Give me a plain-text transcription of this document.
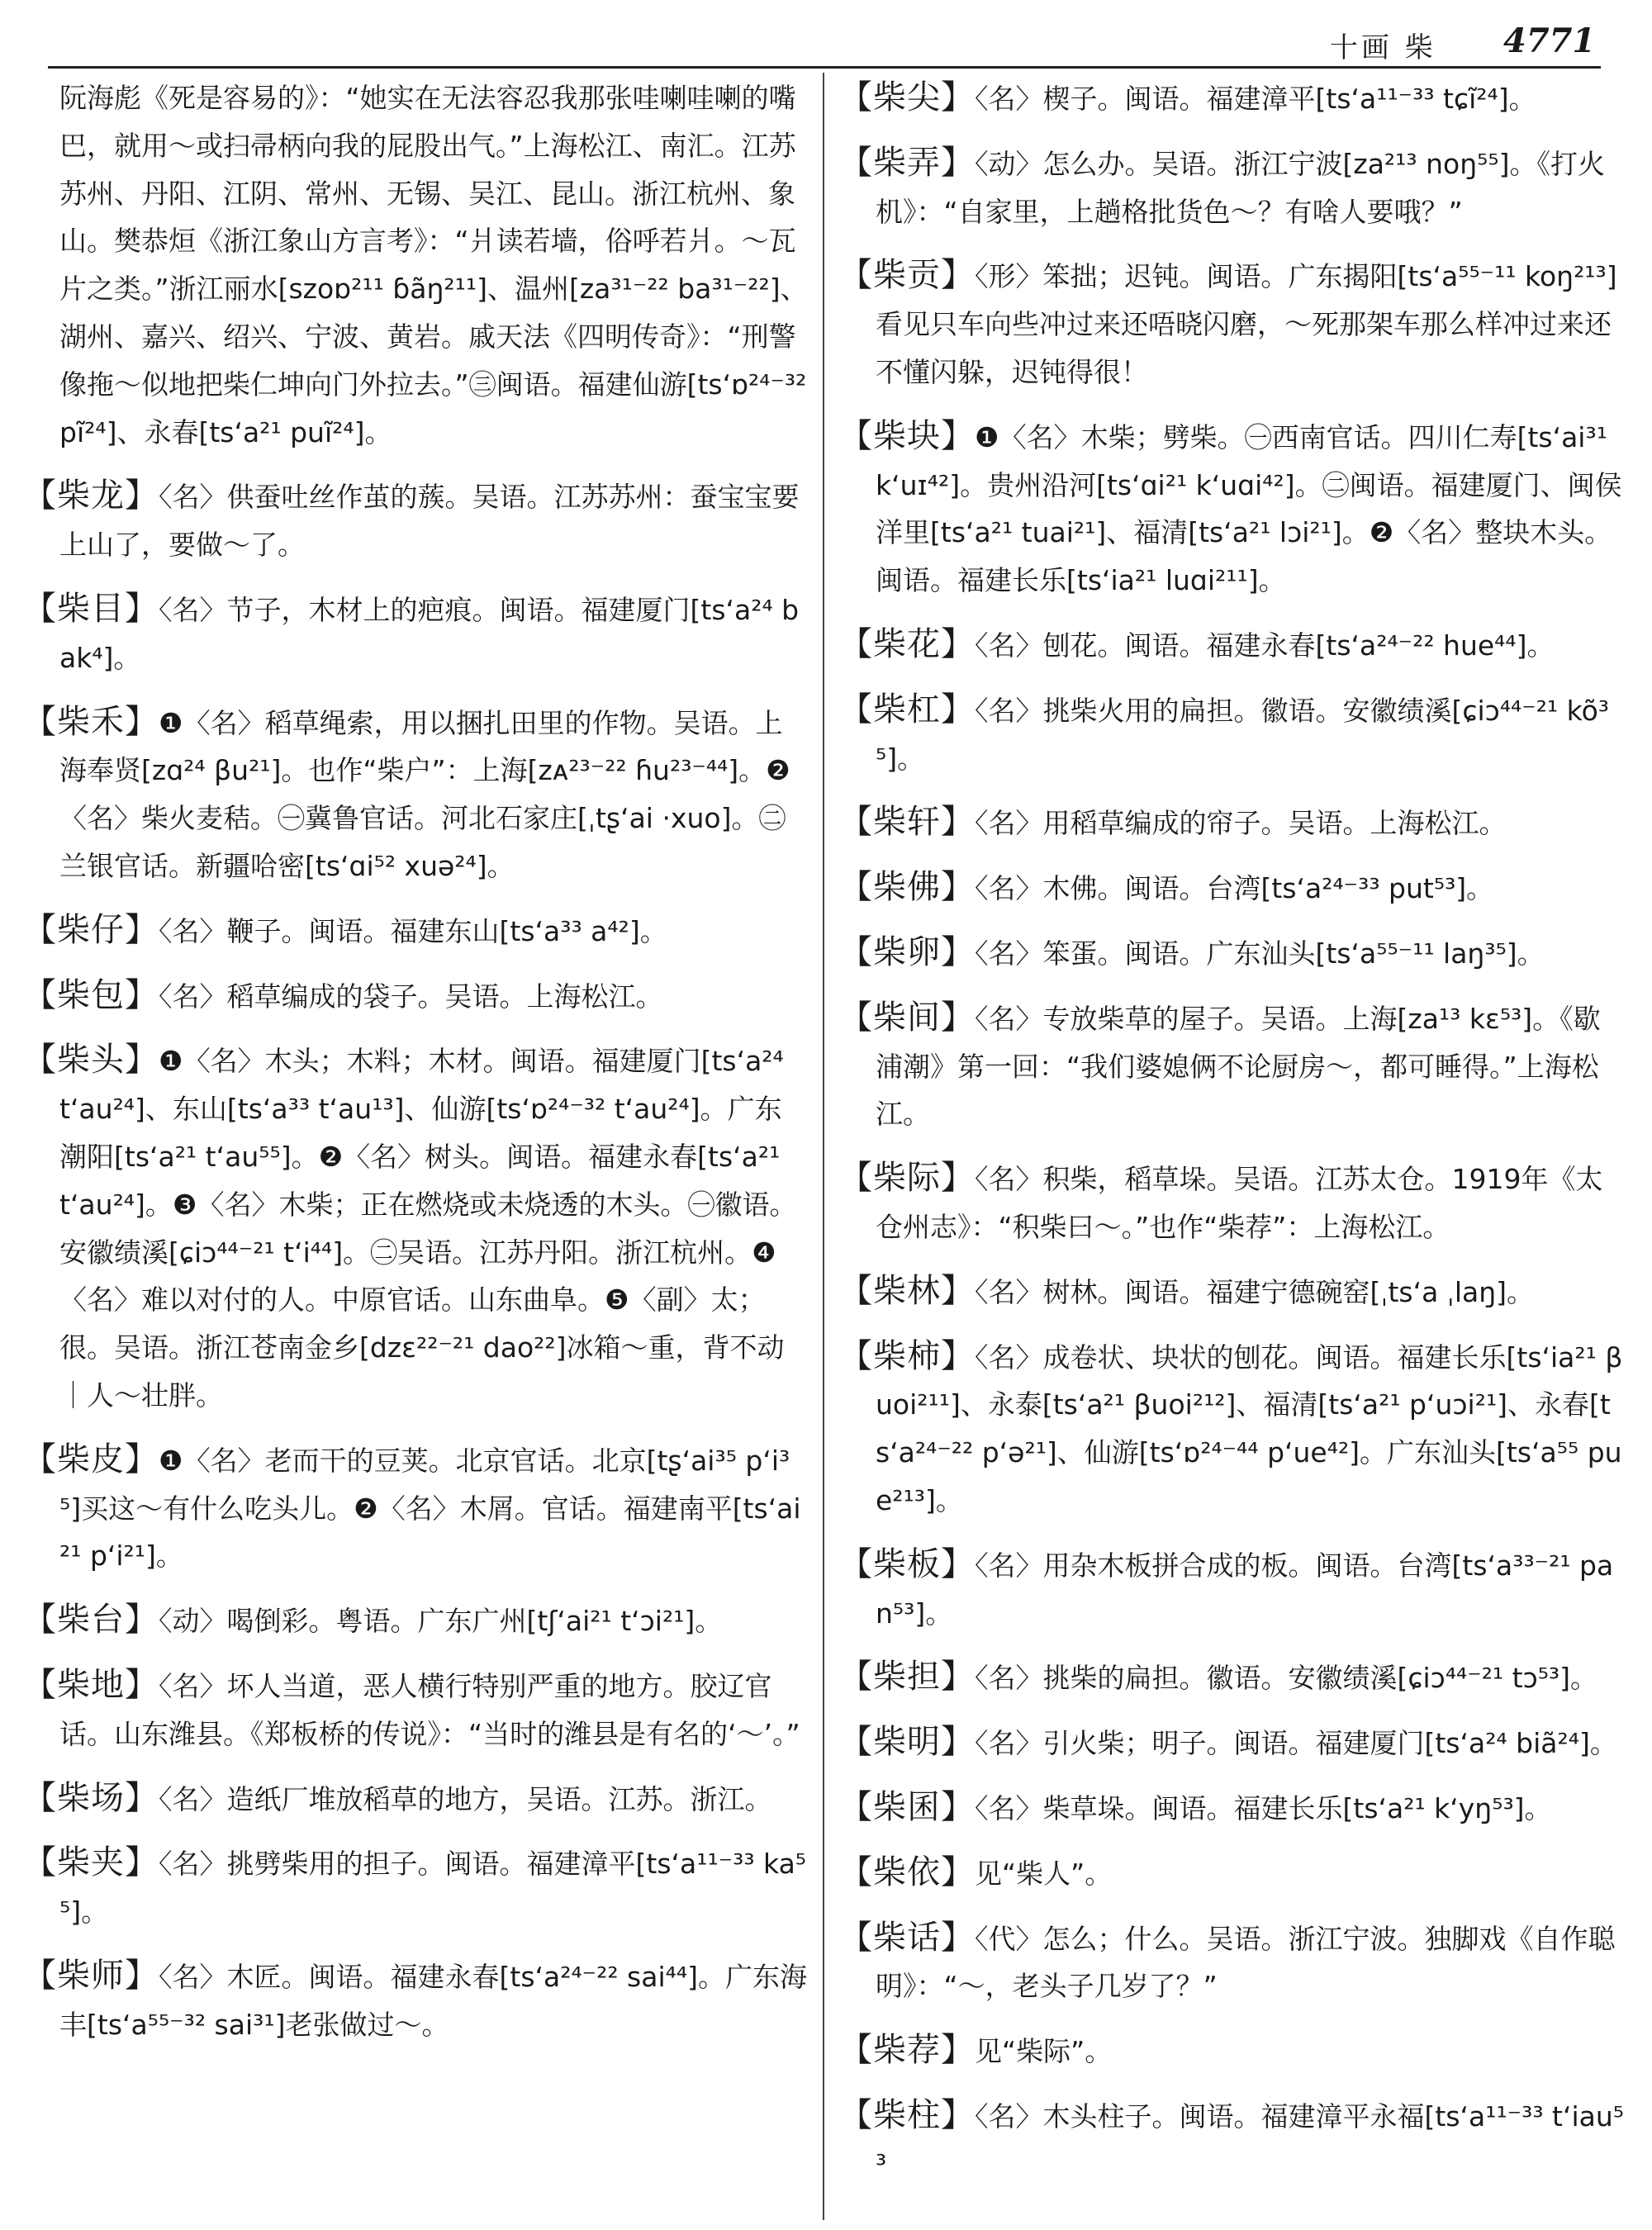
十画 柴 4771

阮海彪《死是容易的》：“她实在无法容忍我那张哇喇哇喇的嘴巴，就用～或扫帚柄向我的屁股出气。”上海松江、南汇。江苏苏州、丹阳、江阴、常州、无锡、吴江、昆山。浙江杭州、象山。樊恭烜《浙江象山方言考》：“爿读若墙，俗呼若爿。～瓦片之类。”浙江丽水[szoɒ²¹¹ ɓãŋ²¹¹]、温州[za³¹⁻²² ba³¹⁻²²]、湖州、嘉兴、绍兴、宁波、黄岩。戚天法《四明传奇》：“刑警像拖～似地把柴仁坤向门外拉去。”㊂闽语。福建仙游[ts‘ɒ²⁴⁻³² pĩ²⁴]、永春[ts‘a²¹ puĩ²⁴]。

【柴龙】〈名〉供蚕吐丝作茧的蔟。吴语。江苏苏州：蚕宝宝要上山了，要做～了。

【柴目】〈名〉节子，木材上的疤痕。闽语。福建厦门[ts‘a²⁴ bak⁴]。

【柴禾】❶〈名〉稻草绳索，用以捆扎田里的作物。吴语。上海奉贤[zɑ²⁴ βu²¹]。也作“柴户”：上海[zᴀ²³⁻²² ɦu²³⁻⁴⁴]。❷〈名〉柴火麦秸。㊀冀鲁官话。河北石家庄[ˌtʂ‘ai ·xuo]。㊁兰银官话。新疆哈密[ts‘ɑi⁵² xuə²⁴]。

【柴仔】〈名〉鞭子。闽语。福建东山[ts‘a³³ a⁴²]。

【柴包】〈名〉稻草编成的袋子。吴语。上海松江。

【柴头】❶〈名〉木头；木料；木材。闽语。福建厦门[ts‘a²⁴ t‘au²⁴]、东山[ts‘a³³ t‘au¹³]、仙游[ts‘ɒ²⁴⁻³² t‘au²⁴]。广东潮阳[ts‘a²¹ t‘au⁵⁵]。❷〈名〉树头。闽语。福建永春[ts‘a²¹ t‘au²⁴]。❸〈名〉木柴；正在燃烧或未烧透的木头。㊀徽语。安徽绩溪[ɕiɔ⁴⁴⁻²¹ t‘i⁴⁴]。㊁吴语。江苏丹阳。浙江杭州。❹〈名〉难以对付的人。中原官话。山东曲阜。❺〈副〉太；很。吴语。浙江苍南金乡[dzɛ²²⁻²¹ dao²²]冰箱～重，背不动｜人～壮胖。

【柴皮】❶〈名〉老而干的豆荚。北京官话。北京[tʂ‘ai³⁵ p‘i³⁵]买这～有什么吃头儿。❷〈名〉木屑。官话。福建南平[ts‘ai²¹ p‘i²¹]。

【柴台】〈动〉喝倒彩。粤语。广东广州[tʃ‘ai²¹ t‘ɔi²¹]。

【柴地】〈名〉坏人当道，恶人横行特别严重的地方。胶辽官话。山东潍县。《郑板桥的传说》：“当时的潍县是有名的‘～’。”

【柴场】〈名〉造纸厂堆放稻草的地方，吴语。江苏。浙江。

【柴夹】〈名〉挑劈柴用的担子。闽语。福建漳平[ts‘a¹¹⁻³³ ka⁵⁵]。

【柴师】〈名〉木匠。闽语。福建永春[ts‘a²⁴⁻²² sai⁴⁴]。广东海丰[ts‘a⁵⁵⁻³² sai³¹]老张做过～。

【柴尖】〈名〉楔子。闽语。福建漳平[ts‘a¹¹⁻³³ tɕĩ²⁴]。

【柴弄】〈动〉怎么办。吴语。浙江宁波[za²¹³ noŋ⁵⁵]。《打火机》：“自家里，上趟格批货色～？有啥人要哦？”

【柴贡】〈形〉笨拙；迟钝。闽语。广东揭阳[ts‘a⁵⁵⁻¹¹ koŋ²¹³]看见只车向些冲过来还唔晓闪磨，～死那架车那么样冲过来还不懂闪躲，迟钝得很！

【柴块】❶〈名〉木柴；劈柴。㊀西南官话。四川仁寿[ts‘ai³¹ k‘uɪ⁴²]。贵州沿河[ts‘ɑi²¹ k‘uɑi⁴²]。㊁闽语。福建厦门、闽侯洋里[ts‘a²¹ tuai²¹]、福清[ts‘a²¹ lɔi²¹]。❷〈名〉整块木头。闽语。福建长乐[ts‘ia²¹ luɑi²¹¹]。

【柴花】〈名〉刨花。闽语。福建永春[ts‘a²⁴⁻²² hue⁴⁴]。

【柴杠】〈名〉挑柴火用的扁担。徽语。安徽绩溪[ɕiɔ⁴⁴⁻²¹ kõ³⁵]。

【柴轩】〈名〉用稻草编成的帘子。吴语。上海松江。

【柴佛】〈名〉木佛。闽语。台湾[ts‘a²⁴⁻³³ put⁵³]。

【柴卵】〈名〉笨蛋。闽语。广东汕头[ts‘a⁵⁵⁻¹¹ laŋ³⁵]。

【柴间】〈名〉专放柴草的屋子。吴语。上海[za¹³ kɛ⁵³]。《歇浦潮》第一回：“我们婆媳俩不论厨房～，都可睡得。”上海松江。

【柴际】〈名〉积柴，稻草垛。吴语。江苏太仓。1919年《太仓州志》：“积柴曰～。”也作“柴荐”：上海松江。

【柴林】〈名〉树林。闽语。福建宁德碗窑[ˌts‘a ˌlaŋ]。

【柴柿】〈名〉成卷状、块状的刨花。闽语。福建长乐[ts‘ia²¹ βuoi²¹¹]、永泰[ts‘a²¹ βuoi²¹²]、福清[ts‘a²¹ p‘uɔi²¹]、永春[ts‘a²⁴⁻²² p‘ə²¹]、仙游[ts‘ɒ²⁴⁻⁴⁴ p‘ue⁴²]。广东汕头[ts‘a⁵⁵ pue²¹³]。

【柴板】〈名〉用杂木板拼合成的板。闽语。台湾[ts‘a³³⁻²¹ pan⁵³]。

【柴担】〈名〉挑柴的扁担。徽语。安徽绩溪[ɕiɔ⁴⁴⁻²¹ tɔ⁵³]。

【柴明】〈名〉引火柴；明子。闽语。福建厦门[ts‘a²⁴ biã²⁴]。

【柴囷】〈名〉柴草垛。闽语。福建长乐[ts‘a²¹ k‘yŋ⁵³]。

【柴依】见“柴人”。

【柴话】〈代〉怎么；什么。吴语。浙江宁波。独脚戏《自作聪明》：“～，老头子几岁了？”

【柴荐】见“柴际”。

【柴柱】〈名〉木头柱子。闽语。福建漳平永福[ts‘a¹¹⁻³³ t‘iau⁵³
